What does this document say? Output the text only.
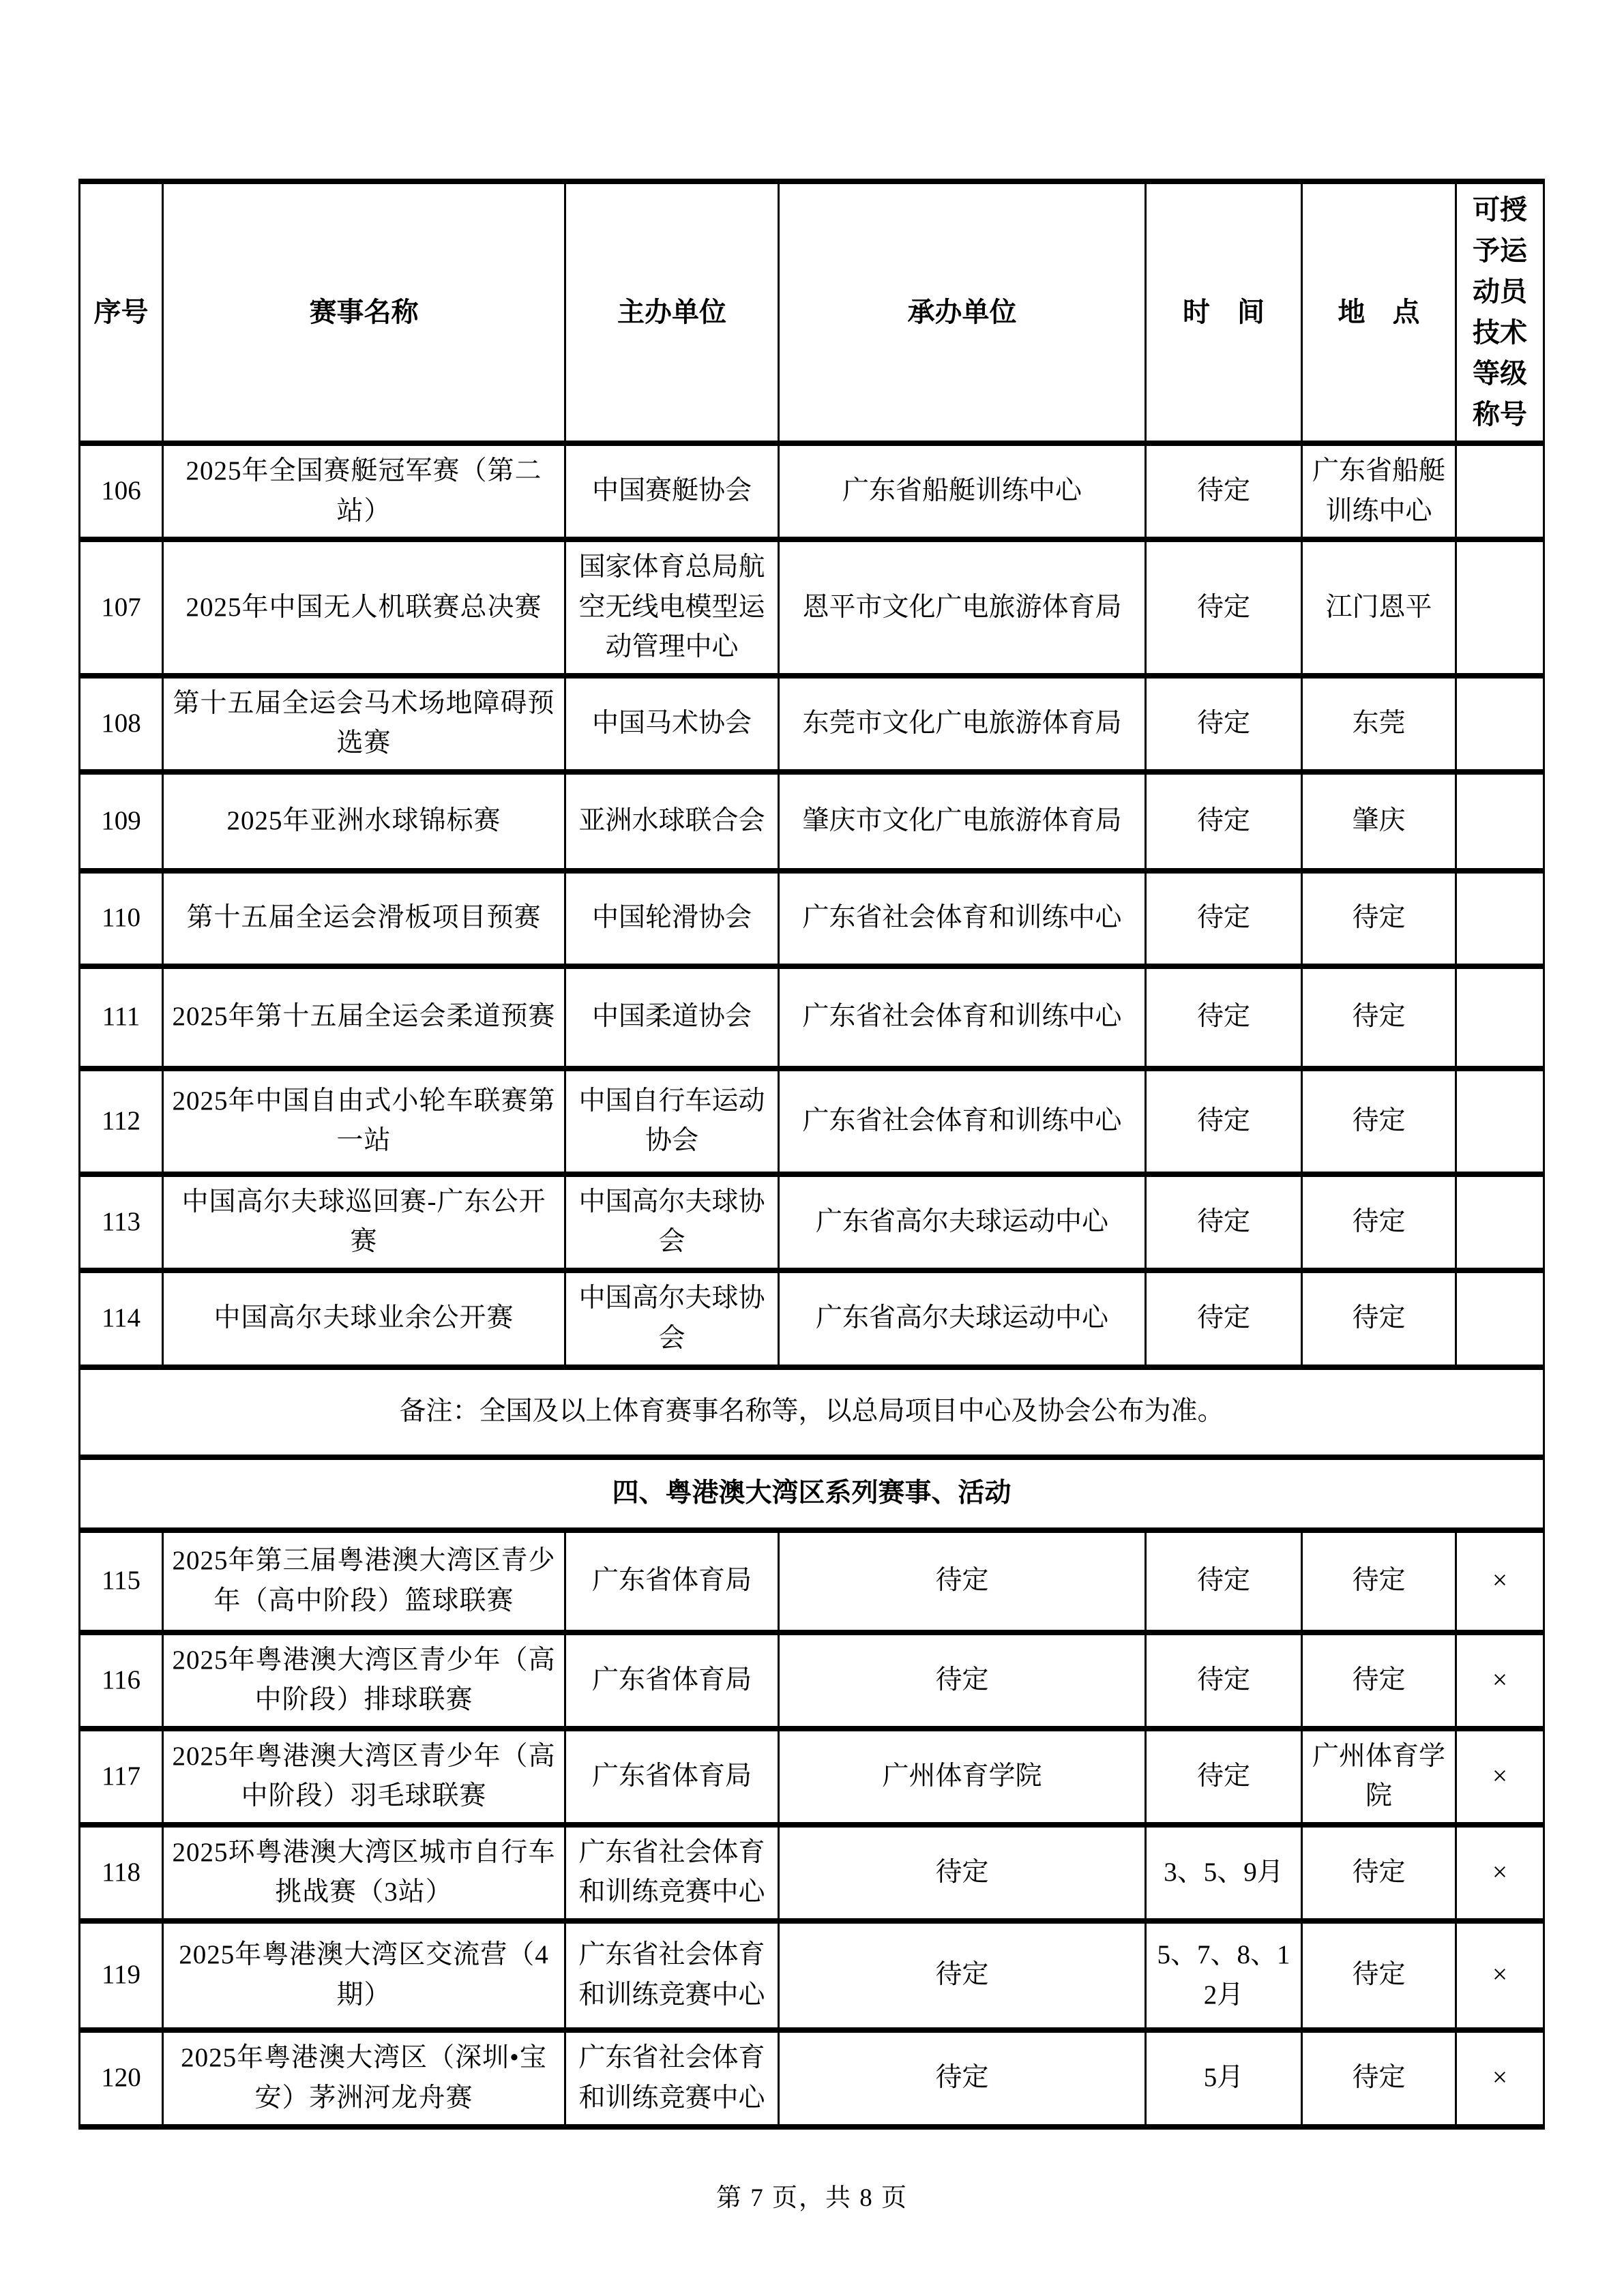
序号	赛事名称	主办单位	承办单位	时　间	地　点	可授予运动员技术等级称号
106	2025年全国赛艇冠军赛（第二站）	中国赛艇协会	广东省船艇训练中心	待定	广东省船艇训练中心	
107	2025年中国无人机联赛总决赛	国家体育总局航空无线电模型运动管理中心	恩平市文化广电旅游体育局	待定	江门恩平	
108	第十五届全运会马术场地障碍预选赛	中国马术协会	东莞市文化广电旅游体育局	待定	东莞	
109	2025年亚洲水球锦标赛	亚洲水球联合会	肇庆市文化广电旅游体育局	待定	肇庆	
110	第十五届全运会滑板项目预赛	中国轮滑协会	广东省社会体育和训练中心	待定	待定	
111	2025年第十五届全运会柔道预赛	中国柔道协会	广东省社会体育和训练中心	待定	待定	
112	2025年中国自由式小轮车联赛第一站	中国自行车运动协会	广东省社会体育和训练中心	待定	待定	
113	中国高尔夫球巡回赛-广东公开赛	中国高尔夫球协会	广东省高尔夫球运动中心	待定	待定	
114	中国高尔夫球业余公开赛	中国高尔夫球协会	广东省高尔夫球运动中心	待定	待定	
备注：全国及以上体育赛事名称等，以总局项目中心及协会公布为准。						
四、粤港澳大湾区系列赛事、活动						
115	2025年第三届粤港澳大湾区青少年（高中阶段）篮球联赛	广东省体育局	待定	待定	待定	×
116	2025年粤港澳大湾区青少年（高中阶段）排球联赛	广东省体育局	待定	待定	待定	×
117	2025年粤港澳大湾区青少年（高中阶段）羽毛球联赛	广东省体育局	广州体育学院	待定	广州体育学院	×
118	2025环粤港澳大湾区城市自行车挑战赛（3站）	广东省社会体育和训练竞赛中心	待定	3、5、9月	待定	×
119	2025年粤港澳大湾区交流营（4期）	广东省社会体育和训练竞赛中心	待定	5、7、8、12月	待定	×
120	2025年粤港澳大湾区（深圳•宝安）茅洲河龙舟赛	广东省社会体育和训练竞赛中心	待定	5月	待定	×
第 7 页，共 8 页
